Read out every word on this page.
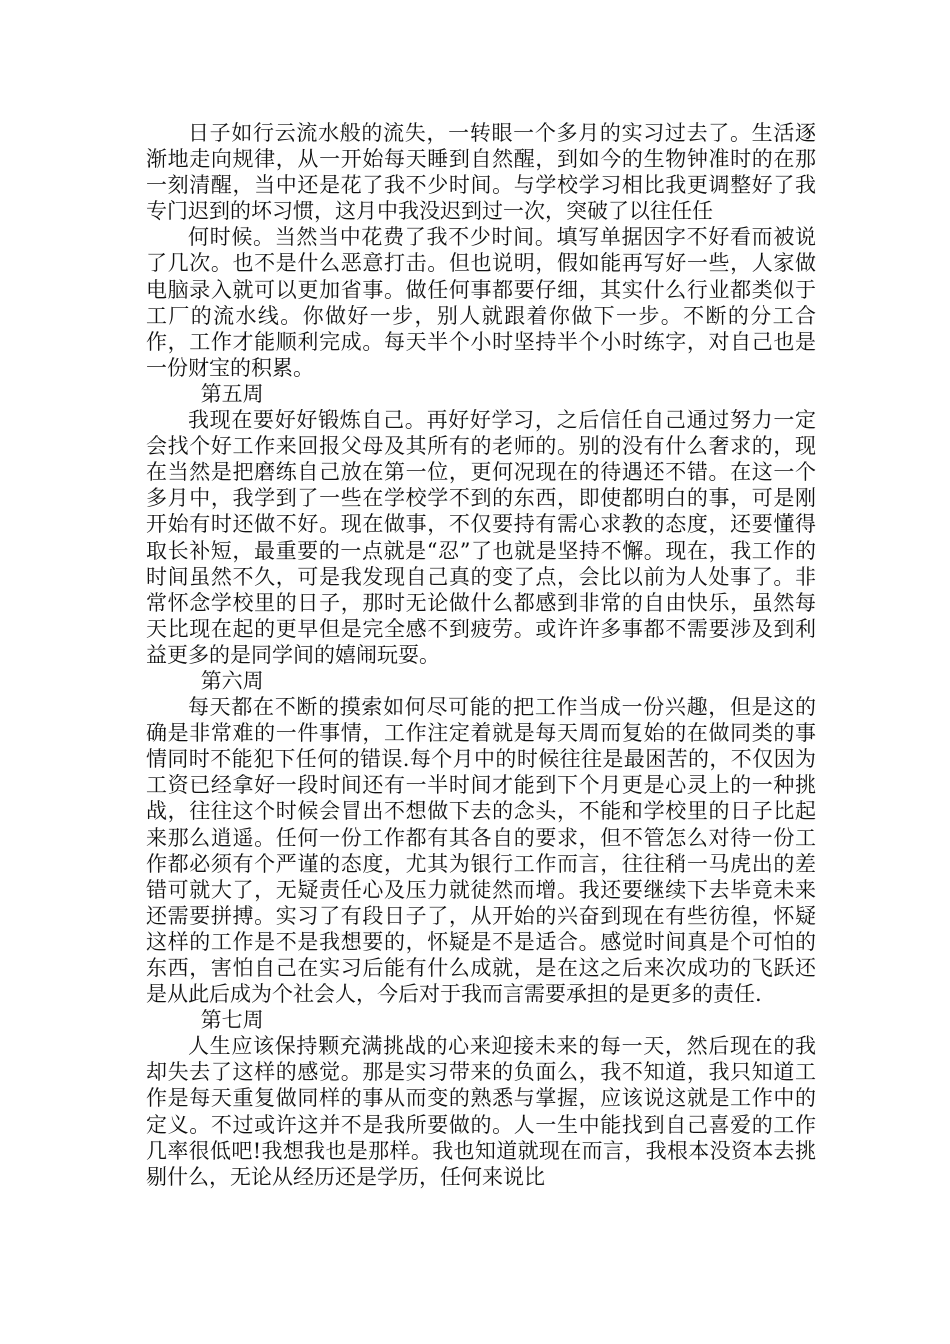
日子如行云流水般的流失，一转眼一个多月的实习过去了。生活逐渐地走向规律，从一开始每天睡到自然醒，到如今的生物钟准时的在那一刻清醒，当中还是花了我不少时间。与学校学习相比我更调整好了我专门迟到的坏习惯，这月中我没迟到过一次，突破了以往任任

何时候。当然当中花费了我不少时间。填写单据因字不好看而被说了几次。也不是什么恶意打击。但也说明，假如能再写好一些，人家做电脑录入就可以更加省事。做任何事都要仔细，其实什么行业都类似于工厂的流水线。你做好一步，别人就跟着你做下一步。不断的分工合作，工作才能顺利完成。每天半个小时坚持半个小时练字，对自己也是一份财宝的积累。

第五周

我现在要好好锻炼自己。再好好学习，之后信任自己通过努力一定会找个好工作来回报父母及其所有的老师的。别的没有什么奢求的，现在当然是把磨练自己放在第一位，更何况现在的待遇还不错。在这一个多月中，我学到了一些在学校学不到的东西，即使都明白的事，可是刚开始有时还做不好。现在做事，不仅要持有需心求教的态度，还要懂得取长补短，最重要的一点就是“忍”了也就是坚持不懈。现在，我工作的时间虽然不久，可是我发现自己真的变了点，会比以前为人处事了。非常怀念学校里的日子，那时无论做什么都感到非常的自由快乐，虽然每天比现在起的更早但是完全感不到疲劳。或许许多事都不需要涉及到利益更多的是同学间的嬉闹玩耍。

第六周

每天都在不断的摸索如何尽可能的把工作当成一份兴趣，但是这的确是非常难的一件事情，工作注定着就是每天周而复始的在做同类的事情同时不能犯下任何的错误.每个月中的时候往往是最困苦的，不仅因为工资已经拿好一段时间还有一半时间才能到下个月更是心灵上的一种挑战，往往这个时候会冒出不想做下去的念头，不能和学校里的日子比起来那么逍遥。任何一份工作都有其各自的要求，但不管怎么对待一份工作都必须有个严谨的态度，尤其为银行工作而言，往往稍一马虎出的差错可就大了，无疑责任心及压力就徒然而增。我还要继续下去毕竟未来还需要拼搏。实习了有段日子了，从开始的兴奋到现在有些彷徨，怀疑这样的工作是不是我想要的，怀疑是不是适合。感觉时间真是个可怕的东西，害怕自己在实习后能有什么成就，是在这之后来次成功的飞跃还是从此后成为个社会人，今后对于我而言需要承担的是更多的责任.

第七周

人生应该保持颗充满挑战的心来迎接未来的每一天，然后现在的我却失去了这样的感觉。那是实习带来的负面么，我不知道，我只知道工作是每天重复做同样的事从而变的熟悉与掌握，应该说这就是工作中的定义。不过或许这并不是我所要做的。人一生中能找到自己喜爱的工作几率很低吧!我想我也是那样。我也知道就现在而言，我根本没资本去挑剔什么，无论从经历还是学历，任何来说比
